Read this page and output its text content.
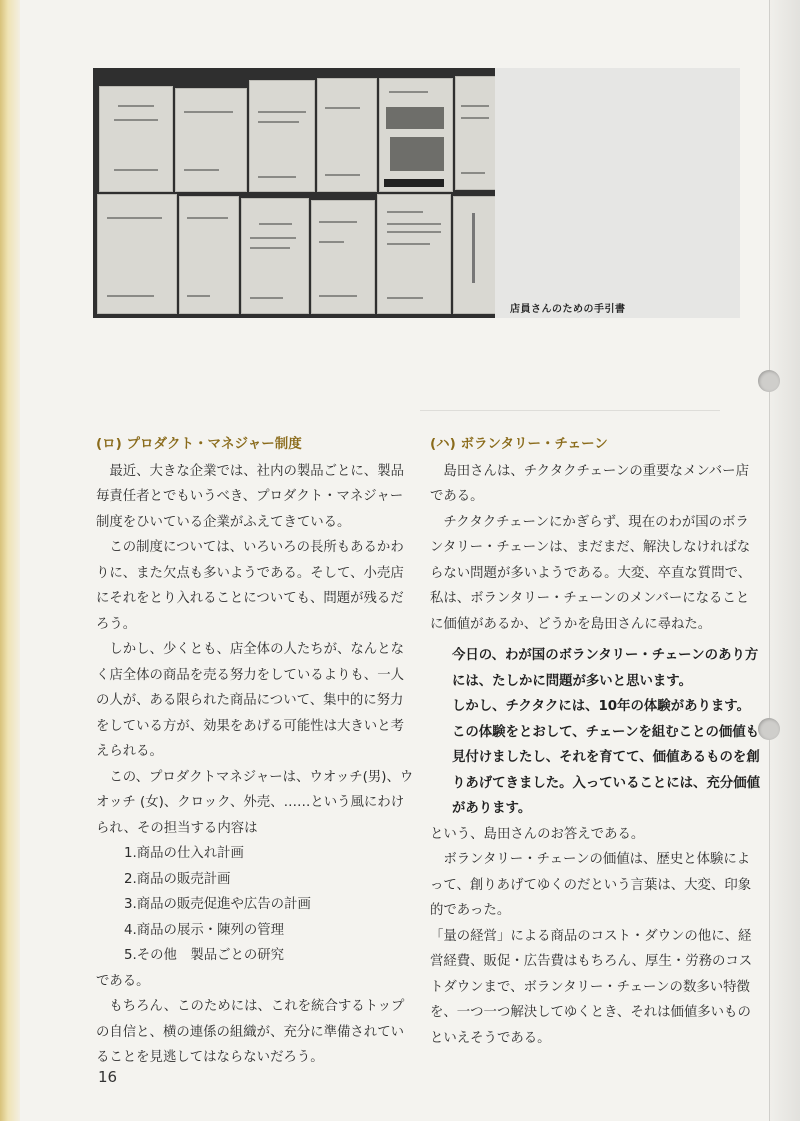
店員さんのための手引書
(ロ) プロダクト・マネジャー制度

最近、大きな企業では、社内の製品ごとに、製品毎責任者とでもいうべき、プロダクト・マネジャー制度をひいている企業がふえてきている。

この制度については、いろいろの長所もあるかわりに、また欠点も多いようである。そして、小売店にそれをとり入れることについても、問題が残るだろう。

しかし、少くとも、店全体の人たちが、なんとなく店全体の商品を売る努力をしているよりも、一人の人が、ある限られた商品について、集中的に努力をしている方が、効果をあげる可能性は大きいと考えられる。

この、プロダクトマネジャーは、ウオッチ(男)、ウオッチ (女)、クロック、外売、……という風にわけられ、その担当する内容は

1.商品の仕入れ計画
2.商品の販売計画
3.商品の販売促進や広告の計画
4.商品の展示・陳列の管理
5.その他　製品ごとの研究

である。

もちろん、このためには、これを統合するトップの自信と、横の連係の組織が、充分に準備されていることを見逃してはならないだろう。

(ハ) ボランタリー・チェーン

島田さんは、チクタクチェーンの重要なメンバー店である。

チクタクチェーンにかぎらず、現在のわが国のボランタリー・チェーンは、まだまだ、解決しなければならない問題が多いようである。大変、卒直な質問で、私は、ボランタリー・チェーンのメンバーになることに価値があるか、どうかを島田さんに尋ねた。

今日の、わが国のボランタリー・チェーンのあり方には、たしかに問題が多いと思います。

しかし、チクタクには、10年の体験があります。この体験をとおして、チェーンを組むことの価値も見付けましたし、それを育てて、価値あるものを創りあげてきました。入っていることには、充分価値があります。

という、島田さんのお答えである。

ボランタリー・チェーンの価値は、歴史と体験によって、創りあげてゆくのだという言葉は、大変、印象的であった。

「量の経営」による商品のコスト・ダウンの他に、経営経費、販促・広告費はもちろん、厚生・労務のコストダウンまで、ボランタリー・チェーンの数多い特徴を、一つ一つ解決してゆくとき、それは価値多いものといえそうである。

16
